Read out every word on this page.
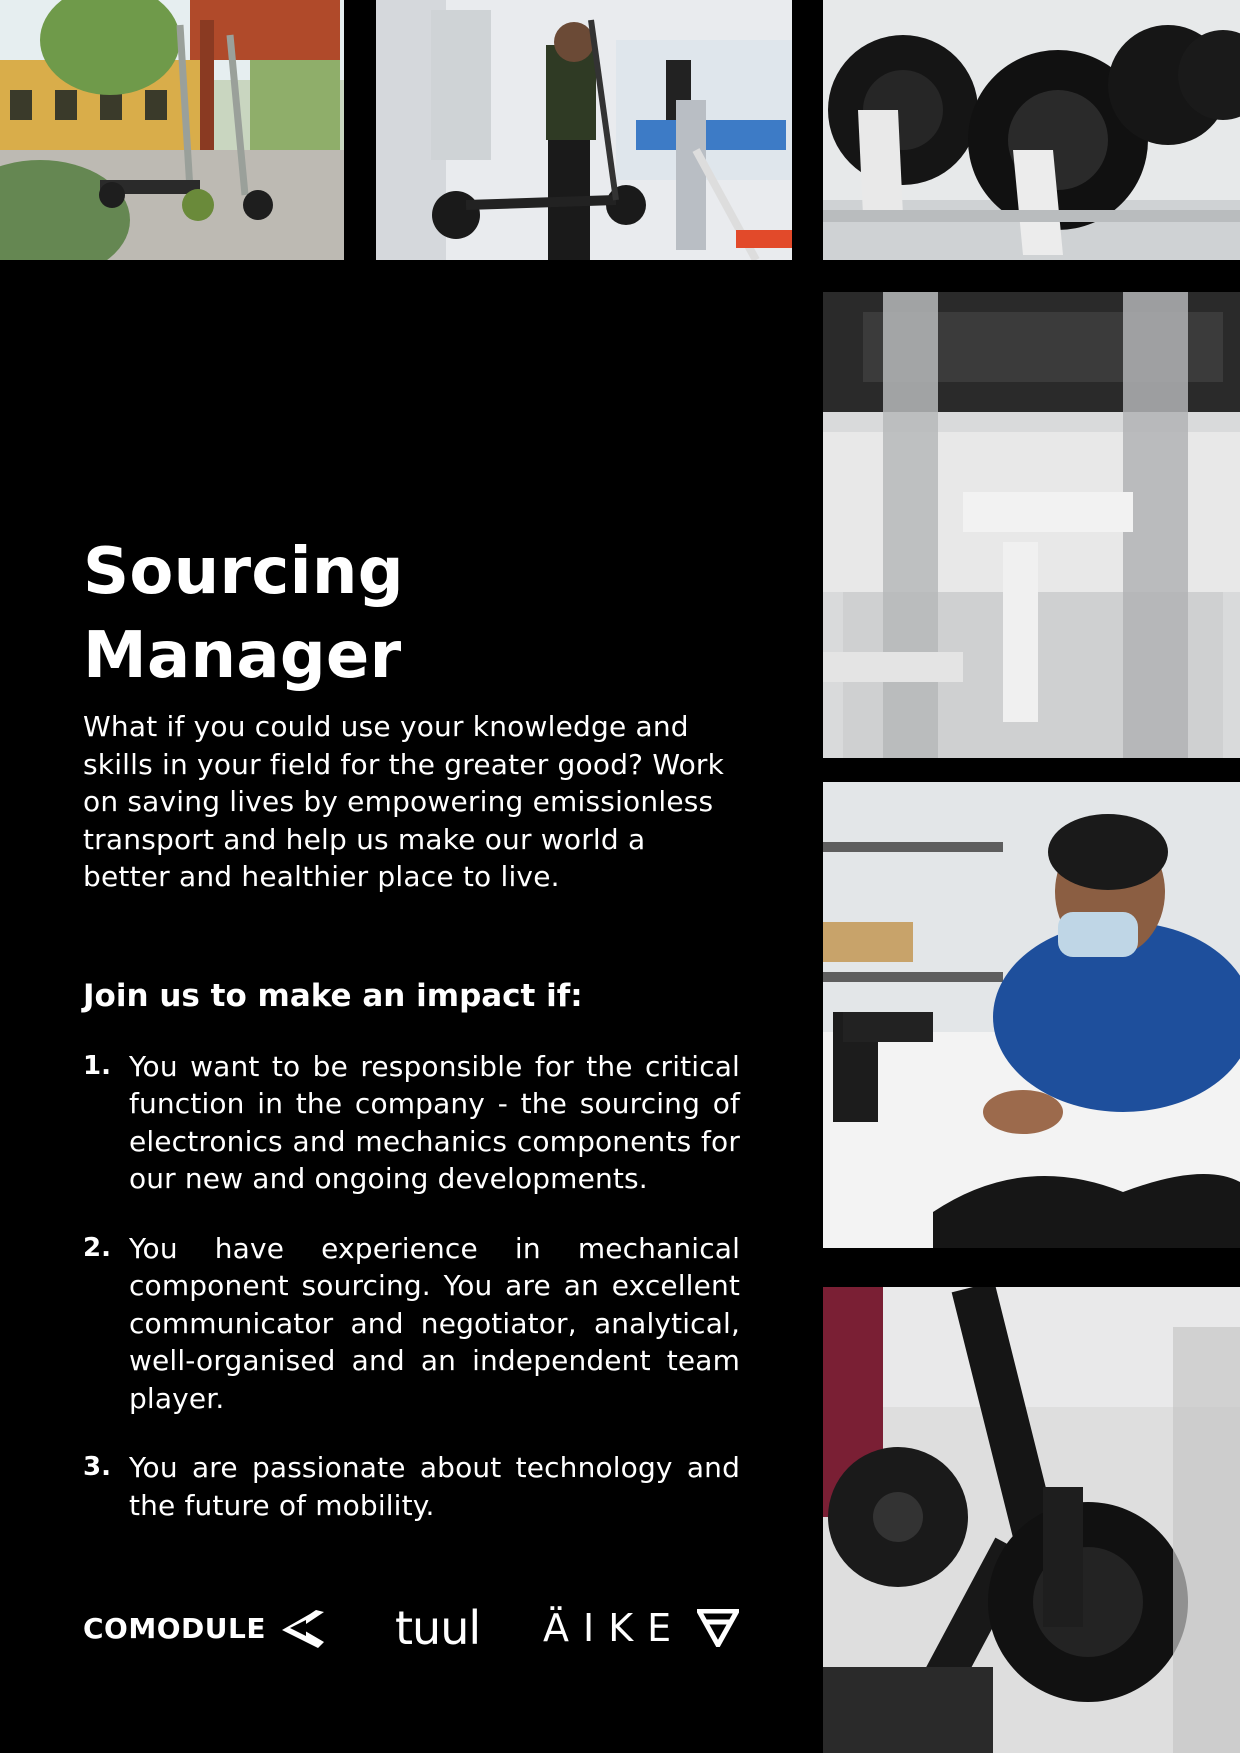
Sourcing Manager

What if you could use your knowledge and skills in your field for the greater good? Work on saving lives by empowering emissionless transport and help us make our world a better and healthier place to live.

Join us to make an impact if:
1. You want to be responsible for the critical function in the company - the sourcing of electronics and mechanics components for our new and ongoing developments.
2. You have experience in mechanical component sourcing. You are an excellent communicator and negotiator, analytical, well-organised and an independent team player.
3. You are passionate about technology and the future of mobility.
COMODULE	tuul ÄIKE
